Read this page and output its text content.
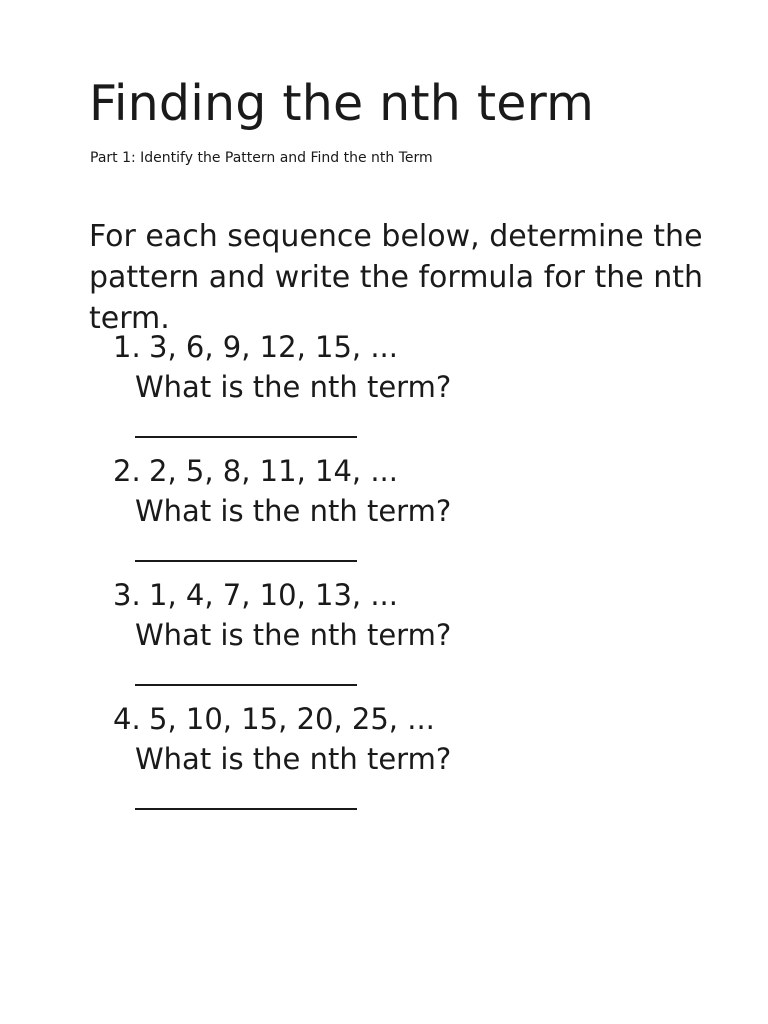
Finding the nth term
Part 1: Identify the Pattern and Find the nth Term

For each sequence below, determine the pattern and write the formula for the nth term.

1. 3, 6, 9, 12, 15, ...
What is the nth term?
2. 2, 5, 8, 11, 14, ...
What is the nth term?
3. 1, 4, 7, 10, 13, ...
What is the nth term?
4. 5, 10, 15, 20, 25, ...
What is the nth term?
